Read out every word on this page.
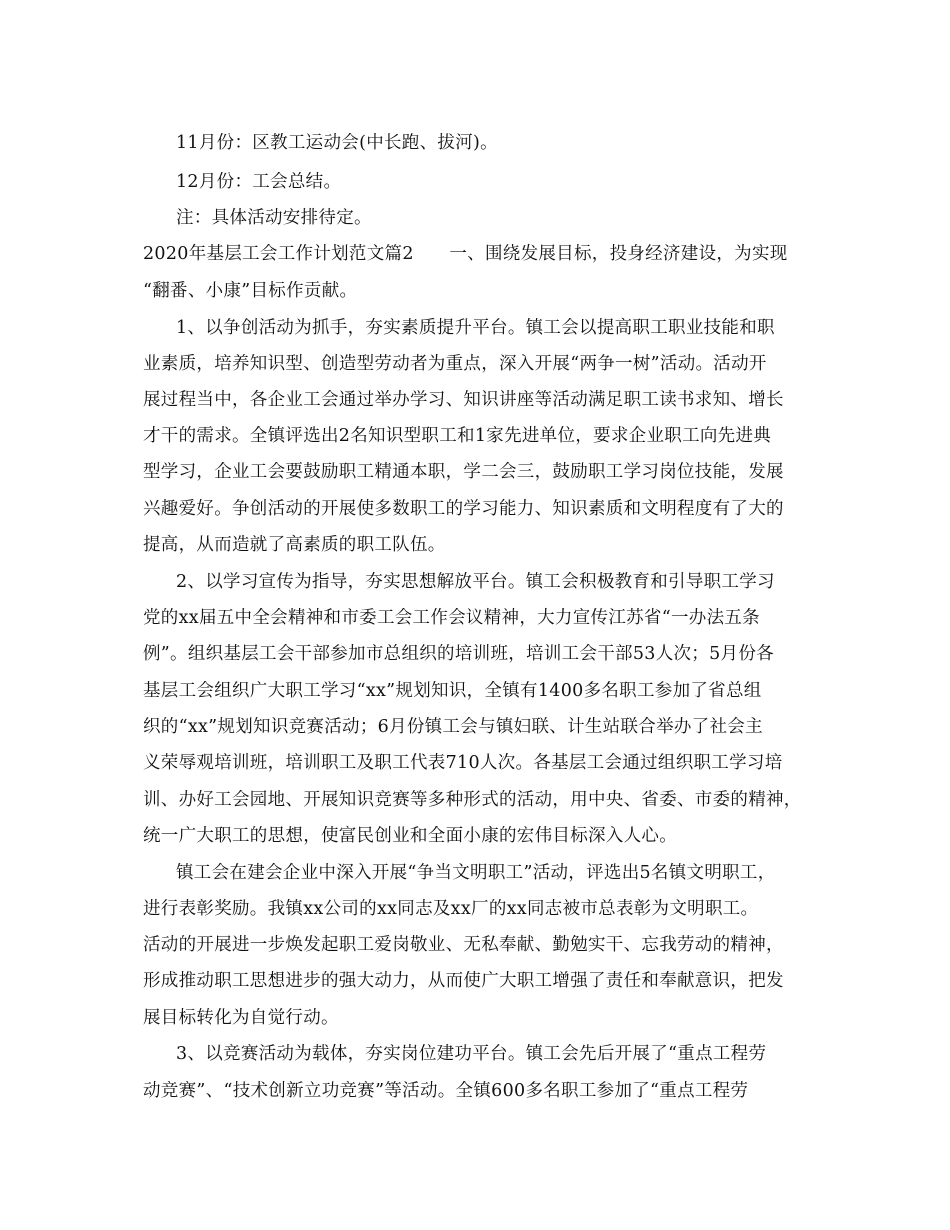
11月份：区教工运动会(中长跑、拔河)。
12月份：工会总结。
注：具体活动安排待定。
2020年基层工会工作计划范文篇2　　一、围绕发展目标，投身经济建设，为实现
“翻番、小康”目标作贡献。
1、以争创活动为抓手，夯实素质提升平台。镇工会以提高职工职业技能和职
业素质，培养知识型、创造型劳动者为重点，深入开展“两争一树”活动。活动开
展过程当中，各企业工会通过举办学习、知识讲座等活动满足职工读书求知、增长
才干的需求。全镇评选出2名知识型职工和1家先进单位，要求企业职工向先进典
型学习，企业工会要鼓励职工精通本职，学二会三，鼓励职工学习岗位技能，发展
兴趣爱好。争创活动的开展使多数职工的学习能力、知识素质和文明程度有了大的
提高，从而造就了高素质的职工队伍。
2、以学习宣传为指导，夯实思想解放平台。镇工会积极教育和引导职工学习
党的xx届五中全会精神和市委工会工作会议精神，大力宣传江苏省“一办法五条
例”。组织基层工会干部参加市总组织的培训班，培训工会干部53人次；5月份各
基层工会组织广大职工学习“xx”规划知识，全镇有1400多名职工参加了省总组
织的“xx”规划知识竞赛活动；6月份镇工会与镇妇联、计生站联合举办了社会主
义荣辱观培训班，培训职工及职工代表710人次。各基层工会通过组织职工学习培
训、办好工会园地、开展知识竞赛等多种形式的活动，用中央、省委、市委的精神，
统一广大职工的思想，使富民创业和全面小康的宏伟目标深入人心。
镇工会在建会企业中深入开展“争当文明职工”活动，评选出5名镇文明职工，
进行表彰奖励。我镇xx公司的xx同志及xx厂的xx同志被市总表彰为文明职工。
活动的开展进一步焕发起职工爱岗敬业、无私奉献、勤勉实干、忘我劳动的精神，
形成推动职工思想进步的强大动力，从而使广大职工增强了责任和奉献意识，把发
展目标转化为自觉行动。
3、以竞赛活动为载体，夯实岗位建功平台。镇工会先后开展了“重点工程劳
动竞赛”、“技术创新立功竞赛”等活动。全镇600多名职工参加了“重点工程劳
